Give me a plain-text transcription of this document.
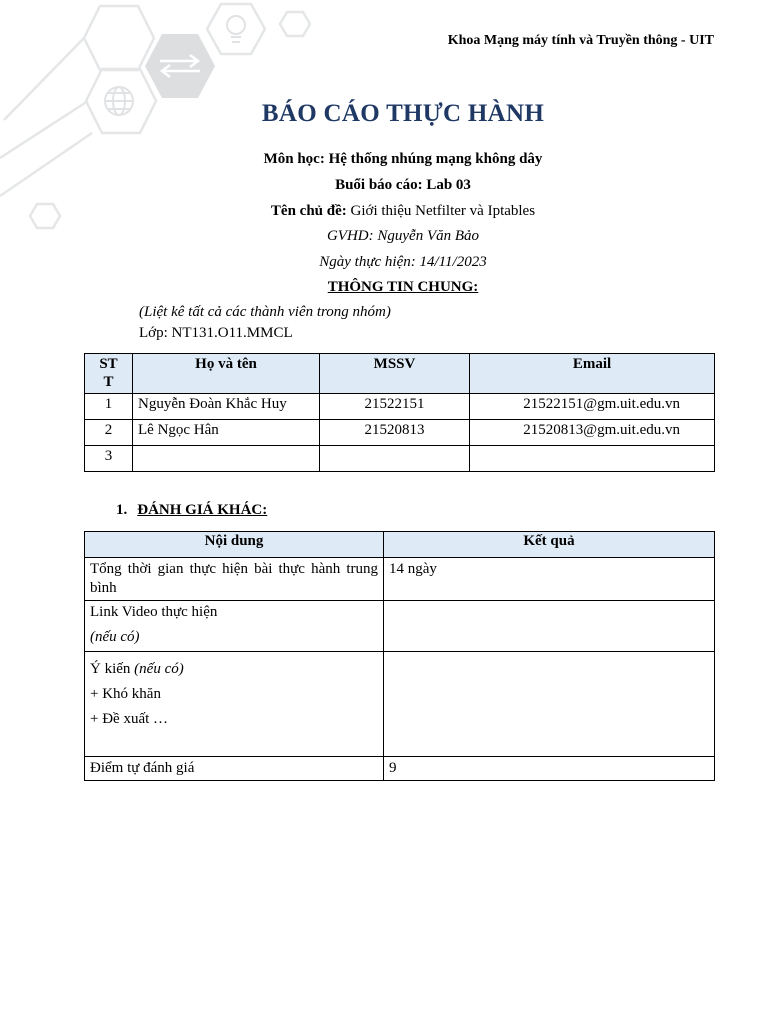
Khoa Mạng máy tính và Truyền thông - UIT
BÁO CÁO THỰC HÀNH
Môn học: Hệ thống nhúng mạng không dây
Buổi báo cáo: Lab 03
Tên chủ đề: Giới thiệu Netfilter và Iptables
GVHD: Nguyễn Văn Bảo
Ngày thực hiện: 14/11/2023
THÔNG TIN CHUNG:
(Liệt kê tất cả các thành viên trong nhóm)
Lớp: NT131.O11.MMCL
ST
T	Họ và tên	MSSV	Email
1	Nguyễn Đoàn Khắc Huy	21522151	21522151@gm.uit.edu.vn
2	Lê Ngọc Hân	21520813	21520813@gm.uit.edu.vn
3			
1. ĐÁNH GIÁ KHÁC:
Nội dung	Kết quả
Tổng thời gian thực hiện bài thực hành trung bình	14 ngày

Link Video thực hiện
(nếu có)	

Ý kiến (nếu có)
+ Khó khăn
+ Đề xuất …	

Điểm tự đánh giá	9
